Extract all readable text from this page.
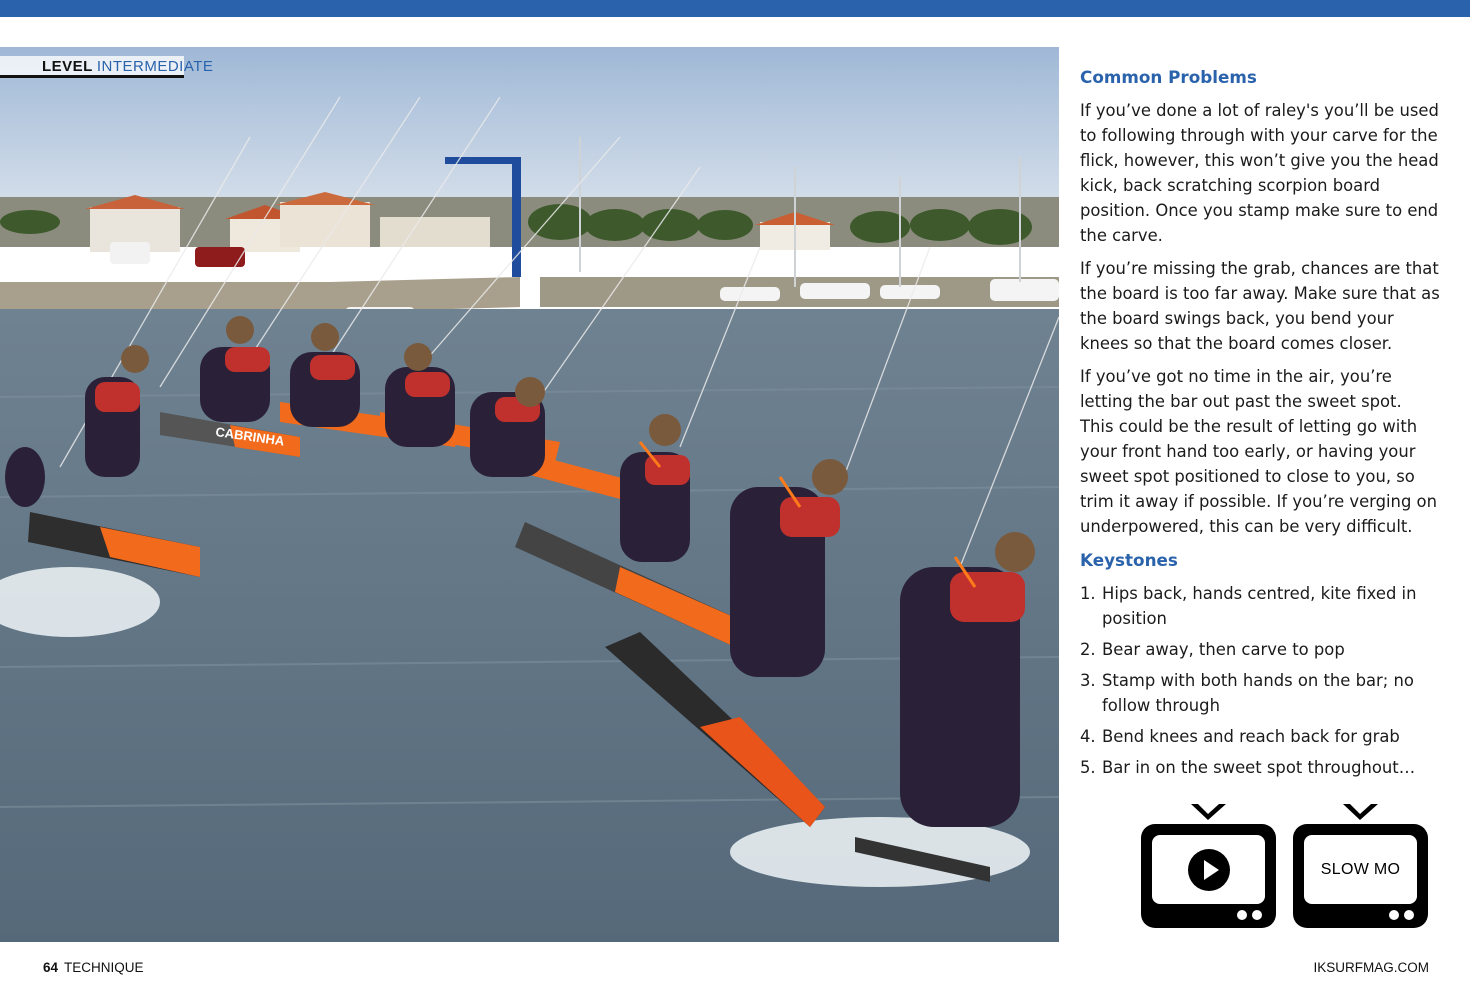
CABRINHA
LEVEL INTERMEDIATE
Common Problems

If you’ve done a lot of raley's you’ll be used to following through with your carve for the flick, however, this won’t give you the head kick, back scratching scorpion board position. Once you stamp make sure to end the carve.

If you’re missing the grab, chances are that the board is too far away. Make sure that as the board swings back, you bend your knees so that the board comes closer.

If you’ve got no time in the air, you’re letting the bar out past the sweet spot. This could be the result of letting go with your front hand too early, or having your sweet spot positioned to close to you, so trim it away if possible. If you’re verging on underpowered, this can be very difficult.

Keystones
1. Hips back, hands centred, kite fixed in position
2. Bear away, then carve to pop
3. Stamp with both hands on the bar; no follow through
4. Bend knees and reach back for grab
5. Bar in on the sweet spot throughout…
SLOW MO
64 TECHNIQUE	IKSURFMAG.COM
